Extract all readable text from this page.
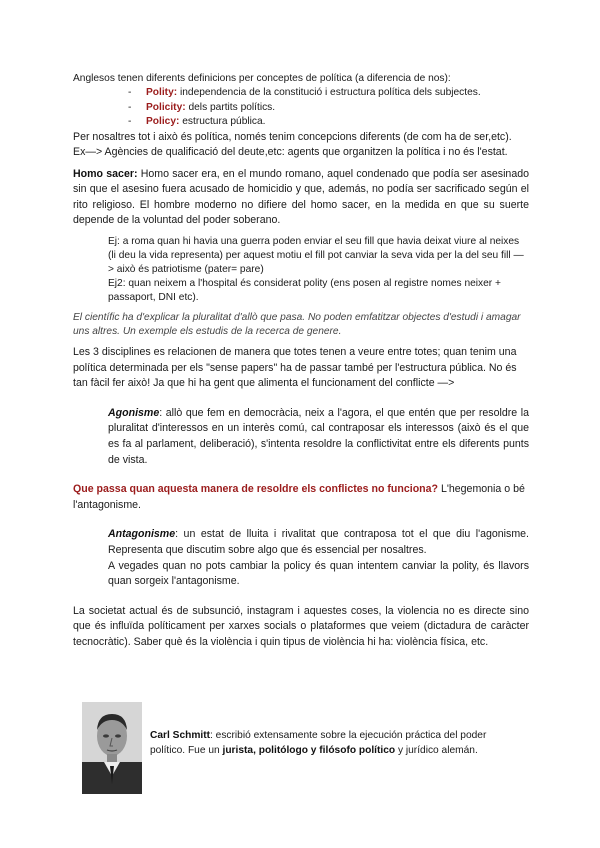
Anglesos tenen diferents definicions per conceptes de política (a diferencia de nos):

- Polity: independencia de la constitució i estructura política dels subjectes.
- Policity: dels partits polítics.
- Policy: estructura pública.

Per nosaltres tot i això és política, només tenim concepcions diferents (de com ha de ser,etc).

Ex—> Agències de qualificació del deute,etc: agents que organitzen la política i no és l'estat.

Homo sacer: Homo sacer era, en el mundo romano, aquel condenado que podía ser asesinado sin que el asesino fuera acusado de homicidio y que, además, no podía ser sacrificado según el rito religioso. El hombre moderno no difiere del homo sacer, en la medida en que su suerte depende de la voluntad del poder soberano.

Ej: a roma quan hi havia una guerra poden enviar el seu fill que havia deixat viure al neixes (li deu la vida representa) per aquest motiu el fill pot canviar la seva vida per la del seu fill —> això és patriotisme (pater= pare)

Ej2: quan neixem a l'hospital és considerat polity (ens posen al registre nomes neixer + passaport, DNI etc).

El científic ha d'explicar la pluralitat d'allò que pasa. No poden emfatitzar objectes d'estudi i amagar uns altres. Un exemple els estudis de la recerca de genere.

Les 3 disciplines es relacionen de manera que totes tenen a veure entre totes; quan tenim una política determinada per els "sense papers" ha de passar també per l'estructura pública. No és tan fàcil fer això! Ja que hi ha gent que alimenta el funcionament del conflicte —>

Agonisme: allò que fem en democràcia, neix a l'agora, el que entén que per resoldre la pluralitat d'interessos en un interès comú, cal contraposar els interessos (això és el que es fa al parlament, deliberació), s'intenta resoldre la conflictivitat entre els diferents punts de vista.

Que passa quan aquesta manera de resoldre els conflictes no funciona? L'hegemonia o bé l'antagonisme.

Antagonisme: un estat de lluita i rivalitat que contraposa tot el que diu l'agonisme. Representa que discutim sobre algo que és essencial per nosaltres.

A vegades quan no pots cambiar la policy és quan intentem canviar la polity, és llavors quan sorgeix l'antagonisme.

La societat actual és de subsunció, instagram i aquestes coses, la violencia no es directe sino que és influïda políticament per xarxes socials o plataformes que veiem (dictadura de caràcter tecnocràtic). Saber què és la violència i quin tipus de violència hi ha: violència física, etc.

Carl Schmitt: escribió extensamente sobre la ejecución práctica del poder político. Fue un jurista, politólogo y filósofo político y jurídico alemán.
